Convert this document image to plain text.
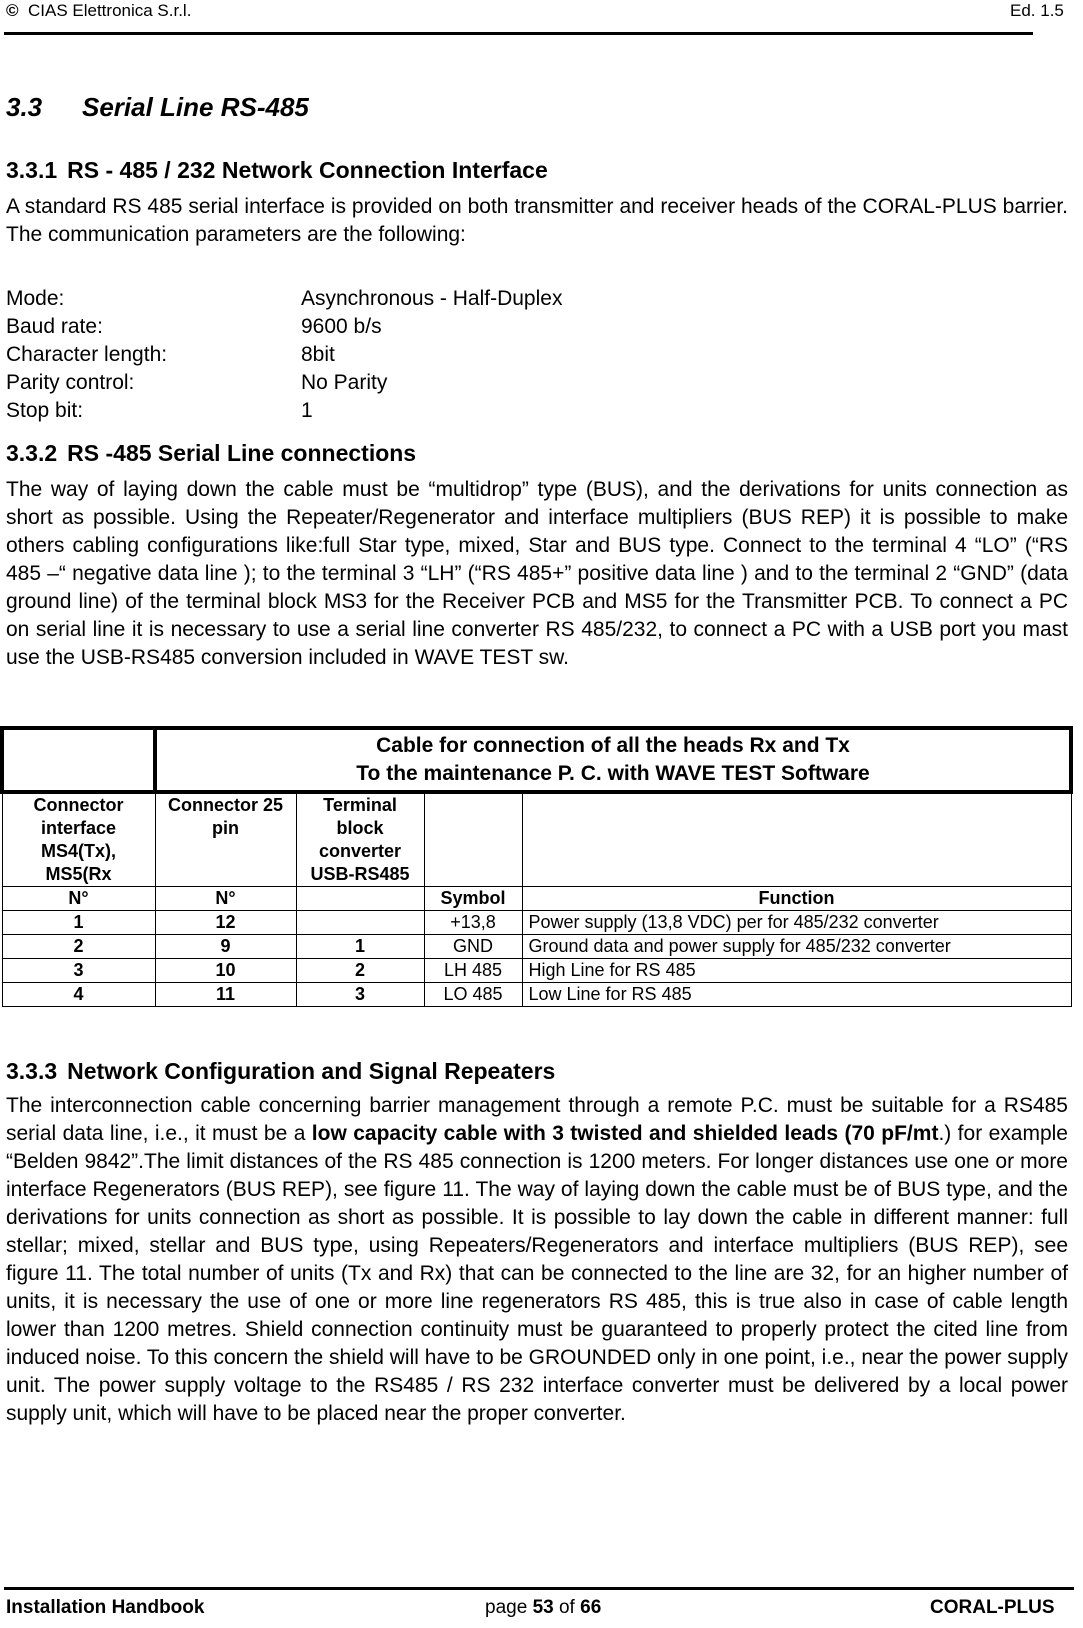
© CIAS Elettronica S.r.l.	Ed. 1.5
3.3 Serial Line RS-485
3.3.1 RS - 485 / 232 Network Connection Interface
A standard RS 485 serial interface is provided on both transmitter and receiver heads of the CORAL-PLUS barrier. The communication parameters are the following:
Mode:	Asynchronous - Half-Duplex
Baud rate:	9600 b/s
Character length:	8bit
Parity control:	No Parity
Stop bit:	1
3.3.2 RS -485 Serial Line connections
The way of laying down the cable must be “multidrop” type (BUS), and the derivations for units connection as short as possible. Using the Repeater/Regenerator and interface multipliers (BUS REP) it is possible to make others cabling configurations like:full Star type, mixed, Star and BUS type. Connect to the terminal 4 “LO” (“RS 485 –“ negative data line ); to the terminal 3 “LH” (“RS 485+” positive data line ) and to the terminal 2 “GND” (data ground line) of the terminal block MS3 for the Receiver PCB and MS5 for the Transmitter PCB. To connect a PC on serial line it is necessary to use a serial line converter RS 485/232, to connect a PC with a USB port you mast use the USB-RS485 conversion included in WAVE TEST sw.

	Cable for connection of all the heads Rx and Tx
To the maintenance P. C. with WAVE TEST Software			

Connector interface MS4(Tx), MS5(Rx	Connector 25 pin	Terminal block converter USB-RS485		
N°	N°		Symbol	Function
1	12		+13,8	Power supply (13,8 VDC) per for 485/232 converter
2	9	1	GND	Ground data and power supply for 485/232 converter
3	10	2	LH 485	High Line for RS 485
4	11	3	LO 485	Low Line for RS 485
3.3.3 Network Configuration and Signal Repeaters
The interconnection cable concerning barrier management through a remote P.C. must be suitable for a RS485 serial data line, i.e., it must be a low capacity cable with 3 twisted and shielded leads (70 pF/mt.) for example “Belden 9842”.The limit distances of the RS 485 connection is 1200 meters. For longer distances use one or more interface Regenerators (BUS REP), see figure 11. The way of laying down the cable must be of BUS type, and the derivations for units connection as short as possible. It is possible to lay down the cable in different manner: full stellar; mixed, stellar and BUS type, using Repeaters/Regenerators and interface multipliers (BUS REP), see figure 11. The total number of units (Tx and Rx) that can be connected to the line are 32, for an higher number of units, it is necessary the use of one or more line regenerators RS 485, this is true also in case of cable length lower than 1200 metres. Shield connection continuity must be guaranteed to properly protect the cited line from induced noise. To this concern the shield will have to be GROUNDED only in one point, i.e., near the power supply unit. The power supply voltage to the RS485 / RS 232 interface converter must be delivered by a local power supply unit, which will have to be placed near the proper converter.
Installation Handbook	page 53 of 66	CORAL-PLUS
